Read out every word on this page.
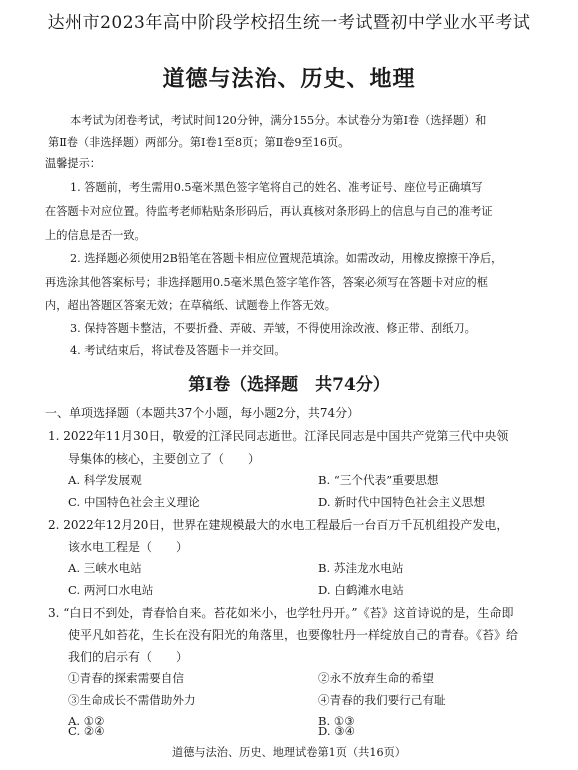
达州市2023年高中阶段学校招生统一考试暨初中学业水平考试
道德与法治、历史、地理
本考试为闭卷考试，考试时间120分钟，满分155分。本试卷分为第Ⅰ卷（选择题）和
第Ⅱ卷（非选择题）两部分。第Ⅰ卷1至8页；第Ⅱ卷9至16页。
温馨提示：
1. 答题前，考生需用0.5毫米黑色签字笔将自己的姓名、准考证号、座位号正确填写
在答题卡对应位置。待监考老师粘贴条形码后，再认真核对条形码上的信息与自己的准考证
上的信息是否一致。
2. 选择题必须使用2B铅笔在答题卡相应位置规范填涂。如需改动，用橡皮擦擦干净后，
再选涂其他答案标号；非选择题用0.5毫米黑色签字笔作答，答案必须写在答题卡对应的框
内，超出答题区答案无效；在草稿纸、试题卷上作答无效。
3. 保持答题卡整洁，不要折叠、弄破、弄皱，不得使用涂改液、修正带、刮纸刀。
4. 考试结束后，将试卷及答题卡一并交回。
第Ⅰ卷（选择题　共74分）
一、单项选择题（本题共37个小题，每小题2分，共74分）
1. 2022年11月30日，敬爱的江泽民同志逝世。江泽民同志是中国共产党第三代中央领
导集体的核心，主要创立了（　　）
A. 科学发展观	B. “三个代表”重要思想
C. 中国特色社会主义理论	D. 新时代中国特色社会主义思想
2. 2022年12月20日，世界在建规模最大的水电工程最后一台百万千瓦机组投产发电，
该水电工程是（　　）
A. 三峡水电站	B. 苏洼龙水电站
C. 两河口水电站	D. 白鹤滩水电站
3. “白日不到处，青春恰自来。苔花如米小，也学牡丹开。”《苔》这首诗说的是，生命即
使平凡如苔花，生长在没有阳光的角落里，也要像牡丹一样绽放自己的青春。《苔》给
我们的启示有（　　）
①青春的探索需要自信	②永不放弃生命的希望
③生命成长不需借助外力	④青春的我们要行己有耻
A. ①②	B. ①③
C. ②④	D. ③④
道德与法治、历史、地理试卷第1页（共16页）
